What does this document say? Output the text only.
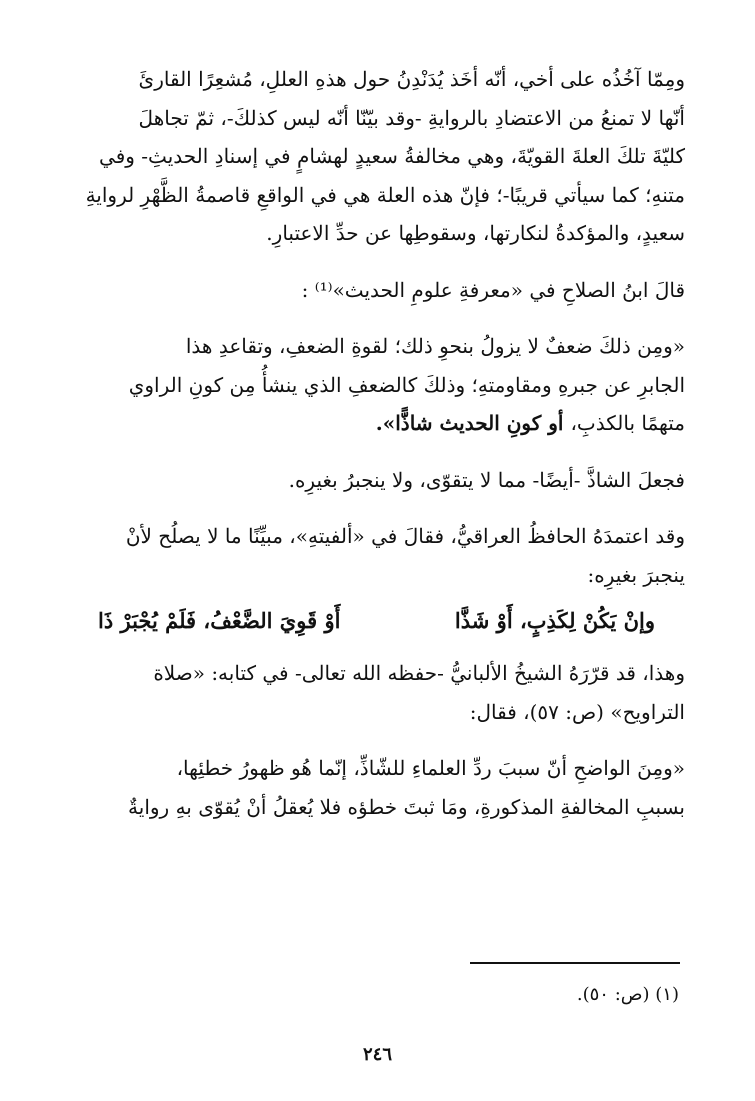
ومِمّا آخُذُه على أخي، أنّه أخَذ يُدَنْدِنُ حول هذهِ العللِ، مُشعِرًا القارئَ

أنّها لا تمنعُ من الاعتضادِ بالروايةِ -وقد بيّنّا أنّه ليس كذلكَ-، ثمّ تجاهلَ

كليّةَ تلكَ العلةَ القويّةَ، وهي مخالفةُ سعيدٍ لهشامٍ في إسنادِ الحديثِ- وفي

متنهِ؛ كما سيأتي قريبًا-؛ فإنّ هذه العلة هي في الواقعِ قاصمةُ الظَّهْرِ لروايةِ

سعيدٍ، والمؤكدةُ لنكارتها، وسقوطِها عن حدِّ الاعتبارِ.

قالَ ابنُ الصلاحِ في «معرفةِ علومِ الحديث»⁽¹⁾ :

«ومِن ذلكَ ضعفٌ لا يزولُ بنحوِ ذلك؛ لقوةِ الضعفِ، وتقاعدِ هذا

الجابرِ عن جبرهِ ومقاومتهِ؛ وذلكَ كالضعفِ الذي ينشأُ مِن كونِ الراوي

متهمًا بالكذبِ، أو كونِ الحديث شاذًّا».

فجعلَ الشاذَّ -أيضًا- مما لا يتقوّى، ولا ينجبرُ بغيرِه.

وقد اعتمدَهُ الحافظُ العراقيُّ، فقالَ في «ألفيتهِ»، مبيِّنًا ما لا يصلُح لأنْ

ينجبرَ بغيرِه:

وإنْ يَكُنْ لِكَذِبٍ، أَوْ شَذَّا
أَوْ قَوِيَ الضَّعْفُ، فَلَمْ يُجْبَرْ ذَا

وهذا، قد قرّرَهُ الشيخُ الألبانيُّ -حفظه الله تعالى- في كتابه: «صلاة

التراويح» (ص: ٥٧)، فقال:

«ومِنَ الواضحِ أنّ سببَ ردِّ العلماءِ للشّاذِّ، إنّما هُو ظهورُ خطئِها،

بسببِ المخالفةِ المذكورةِ، ومَا ثبتَ خطؤه فلا يُعقلُ أنْ يُقوّى بهِ روايةٌ

(١) (ص: ٥٠).
٢٤٦
